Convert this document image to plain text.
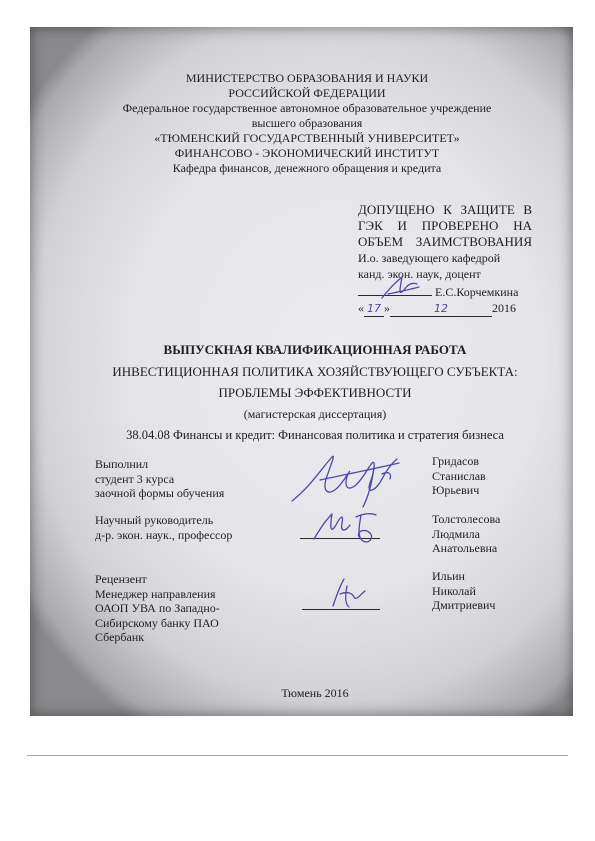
МИНИСТЕРСТВО ОБРАЗОВАНИЯ И НАУКИ
РОССИЙСКОЙ ФЕДЕРАЦИИ
Федеральное государственное автономное образовательное учреждение
высшего образования
«ТЮМЕНСКИЙ ГОСУДАРСТВЕННЫЙ УНИВЕРСИТЕТ»
ФИНАНСОВО - ЭКОНОМИЧЕСКИЙ ИНСТИТУТ
Кафедра финансов, денежного обращения и кредита
ДОПУЩЕНО К ЗАЩИТЕ В
ГЭК И ПРОВЕРЕНО НА
ОБЪЕМ ЗАИМСТВОВАНИЯ
И.о. заведующего кафедрой
канд. экон. наук, доцент
Е.С.Корчемкина
« 17 »	12	2016
ВЫПУСКНАЯ КВАЛИФИКАЦИОННАЯ РАБОТА
ИНВЕСТИЦИОННАЯ ПОЛИТИКА ХОЗЯЙСТВУЮЩЕГО СУБЪЕКТА:
ПРОБЛЕМЫ ЭФФЕКТИВНОСТИ
(магистерская диссертация)
38.04.08 Финансы и кредит: Финансовая политика и стратегия бизнеса
Выполнил
студент 3 курса
заочной формы обучения
Гридасов
Станислав
Юрьевич
Научный руководитель
д-р. экон. наук., профессор
Толстолесова
Людмила
Анатольевна
Рецензент
Менеджер направления
ОАОП УВА по Западно-
Сибирскому банку ПАО
Сбербанк
Ильин
Николай
Дмитриевич
Тюмень 2016
